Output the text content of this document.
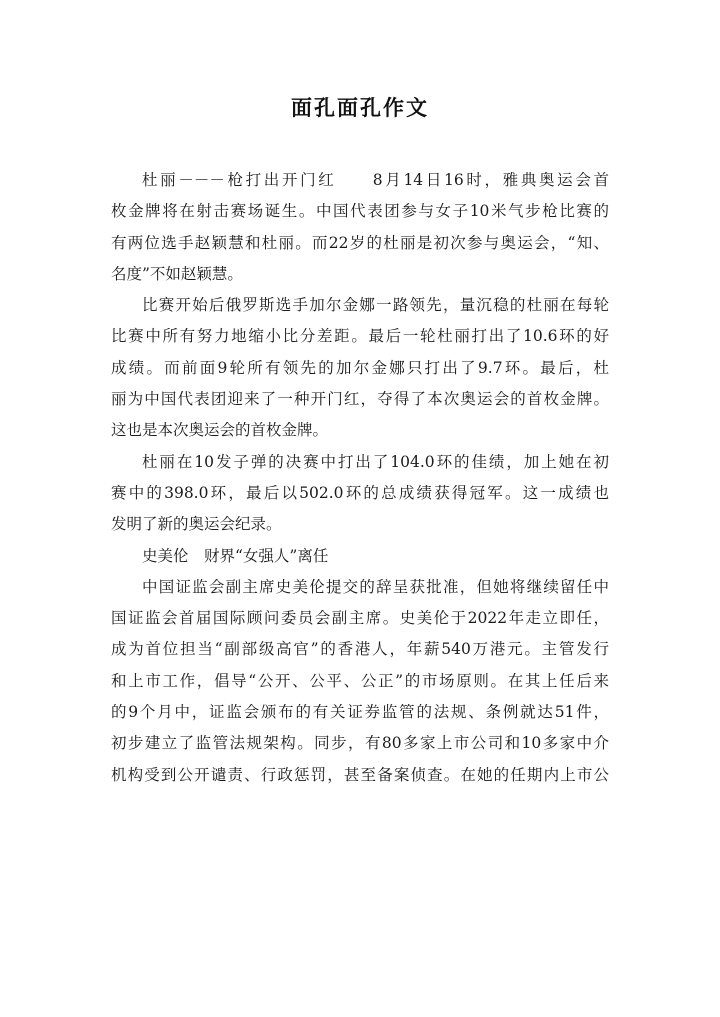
面孔面孔作文
杜丽－－－枪打出开门红　　8月14日16时，雅典奥运会首
枚金牌将在射击赛场诞生。中国代表团参与女子10米气步枪比赛的
有两位选手赵颖慧和杜丽。而22岁的杜丽是初次参与奥运会，“知、
名度”不如赵颖慧。
比赛开始后俄罗斯选手加尔金娜一路领先，量沉稳的杜丽在每轮
比赛中所有努力地缩小比分差距。最后一轮杜丽打出了10.6环的好
成绩。而前面9轮所有领先的加尔金娜只打出了9.7环。最后，杜
丽为中国代表团迎来了一种开门红，夺得了本次奥运会的首枚金牌。
这也是本次奥运会的首枚金牌。
杜丽在10发子弹的决赛中打出了104.0环的佳绩，加上她在初
赛中的398.0环，最后以502.0环的总成绩获得冠军。这一成绩也
发明了新的奥运会纪录。
史美伦　财界“女强人”离任
中国证监会副主席史美伦提交的辞呈获批准，但她将继续留任中
国证监会首届国际顾问委员会副主席。史美伦于2022年走立即任，
成为首位担当“副部级高官”的香港人，年薪540万港元。主管发行
和上市工作，倡导“公开、公平、公正”的市场原则。在其上任后来
的9个月中，证监会颁布的有关证券监管的法规、条例就达51件，
初步建立了监管法规架构。同步，有80多家上市公司和10多家中介
机构受到公开谴责、行政惩罚，甚至备案侦查。在她的任期内上市公
